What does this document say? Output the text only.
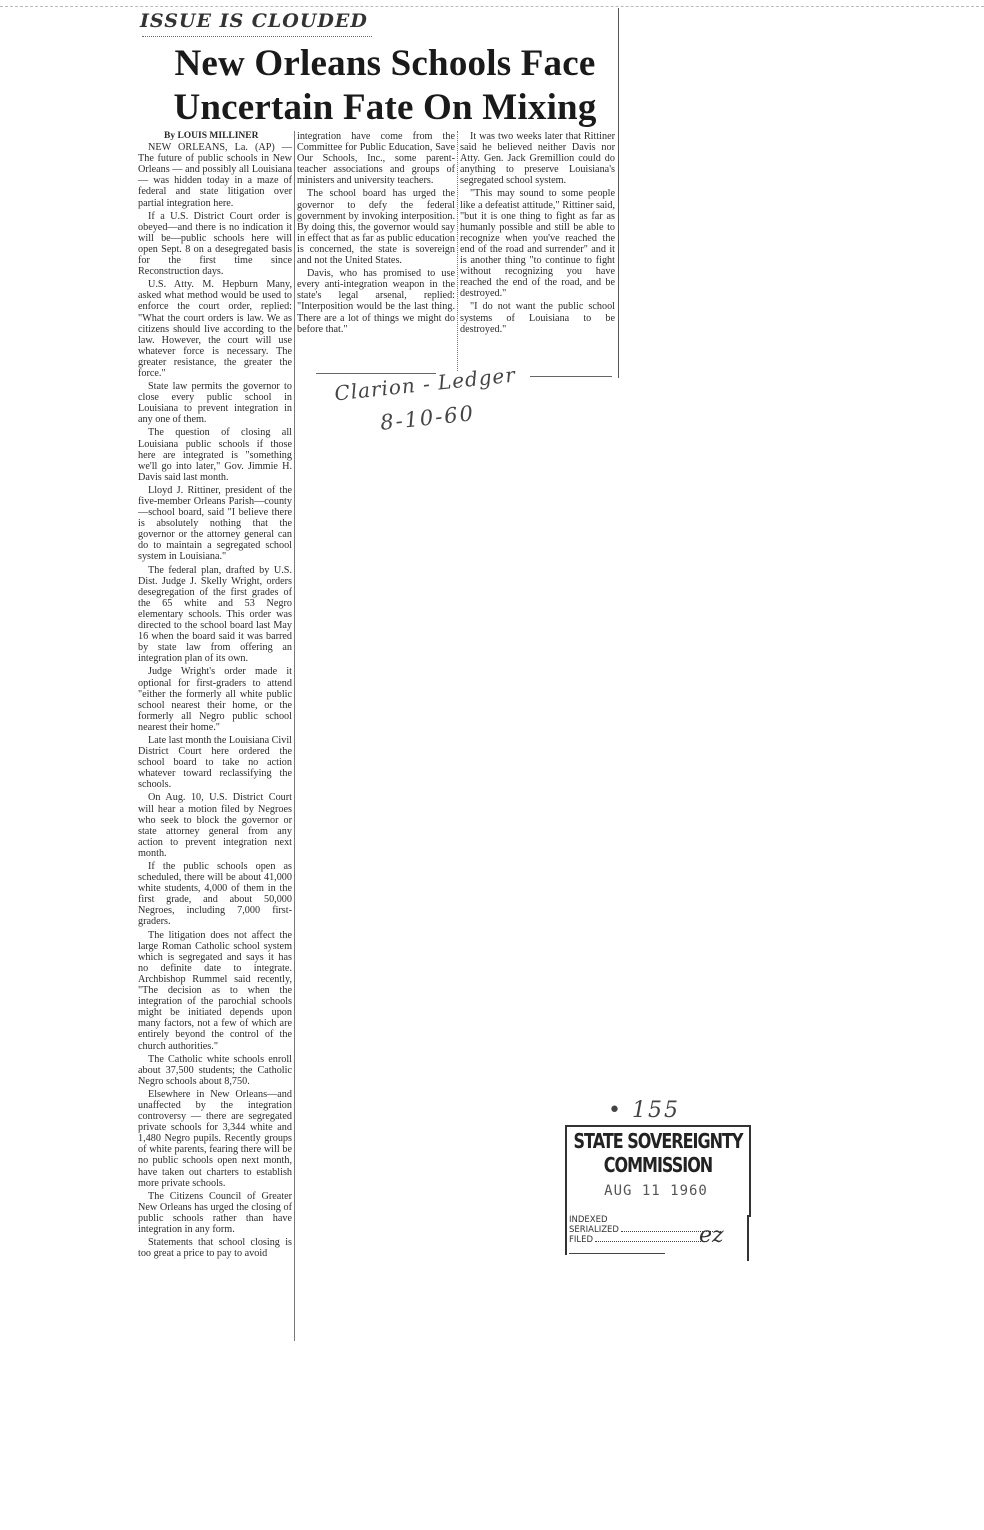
ISSUE IS CLOUDED
New Orleans Schools Face Uncertain Fate On Mixing

By LOUIS MILLINER

NEW ORLEANS, La. (AP) — The future of public schools in New Orleans — and possibly all Louisiana — was hidden today in a maze of federal and state litigation over partial integration here.

If a U.S. District Court order is obeyed—and there is no indication it will be—public schools here will open Sept. 8 on a desegregated basis for the first time since Reconstruction days.

U.S. Atty. M. Hepburn Many, asked what method would be used to enforce the court order, replied: "What the court orders is law. We as citizens should live according to the law. However, the court will use whatever force is necessary. The greater resistance, the greater the force."

State law permits the governor to close every public school in Louisiana to prevent integration in any one of them.

The question of closing all Louisiana public schools if those here are integrated is "something we'll go into later," Gov. Jimmie H. Davis said last month.

Lloyd J. Rittiner, president of the five-member Orleans Parish—county—school board, said "I believe there is absolutely nothing that the governor or the attorney general can do to maintain a segregated school system in Louisiana."

The federal plan, drafted by U.S. Dist. Judge J. Skelly Wright, orders desegregation of the first grades of the 65 white and 53 Negro elementary schools. This order was directed to the school board last May 16 when the board said it was barred by state law from offering an integration plan of its own.

Judge Wright's order made it optional for first-graders to attend "either the formerly all white public school nearest their home, or the formerly all Negro public school nearest their home."

Late last month the Louisiana Civil District Court here ordered the school board to take no action whatever toward reclassifying the schools.

On Aug. 10, U.S. District Court will hear a motion filed by Negroes who seek to block the governor or state attorney general from any action to prevent integration next month.

If the public schools open as scheduled, there will be about 41,000 white students, 4,000 of them in the first grade, and about 50,000 Negroes, including 7,000 first-graders.

The litigation does not affect the large Roman Catholic school system which is segregated and says it has no definite date to integrate. Archbishop Rummel said recently, "The decision as to when the integration of the parochial schools might be initiated depends upon many factors, not a few of which are entirely beyond the control of the church authorities."

The Catholic white schools enroll about 37,500 students; the Catholic Negro schools about 8,750.

Elsewhere in New Orleans—and unaffected by the integration controversy — there are segregated private schools for 3,344 white and 1,480 Negro pupils. Recently groups of white parents, fearing there will be no public schools open next month, have taken out charters to establish more private schools.

The Citizens Council of Greater New Orleans has urged the closing of public schools rather than have integration in any form.

Statements that school closing is too great a price to pay to avoid

integration have come from the Committee for Public Education, Save Our Schools, Inc., some parent-teacher associations and groups of ministers and university teachers.

The school board has urged the governor to defy the federal government by invoking interposition. By doing this, the governor would say in effect that as far as public education is concerned, the state is sovereign and not the United States.

Davis, who has promised to use every anti-integration weapon in the state's legal arsenal, replied: "Interposition would be the last thing. There are a lot of things we might do before that."

It was two weeks later that Rittiner said he believed neither Davis nor Atty. Gen. Jack Gremillion could do anything to preserve Louisiana's segregated school system.

"This may sound to some people like a defeatist attitude," Rittiner said, "but it is one thing to fight as far as humanly possible and still be able to recognize when you've reached the end of the road and surrender" and it is another thing "to continue to fight without recognizing you have reached the end of the road, and be destroyed."

"I do not want the public school systems of Louisiana to be destroyed."

Clarion - Ledger
8-10-60
• 155
STATE SOVEREIGNTY COMMISSION
AUG 11 1960
INDEXED
SERIALIZED
FILED	ez
